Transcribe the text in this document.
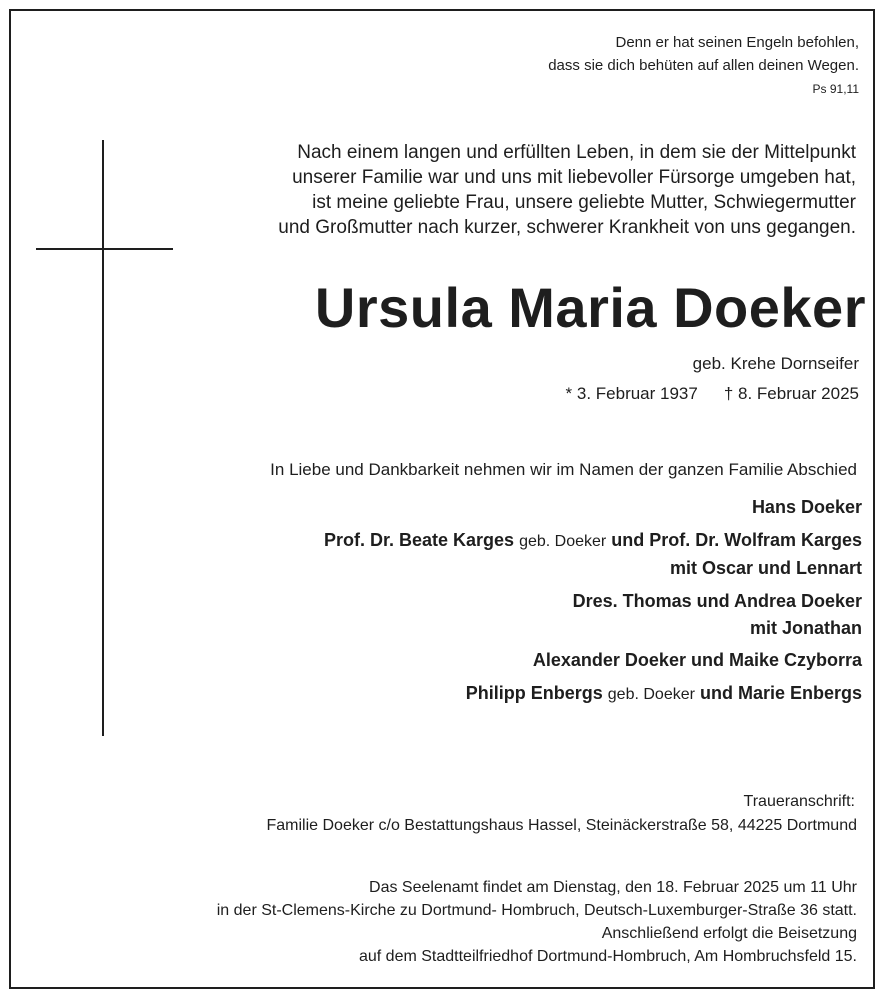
Denn er hat seinen Engeln befohlen,
dass sie dich behüten auf allen deinen Wegen.
Ps 91,11
Nach einem langen und erfüllten Leben, in dem sie der Mittelpunkt
unserer Familie war und uns mit liebevoller Fürsorge umgeben hat,
ist meine geliebte Frau, unsere geliebte Mutter, Schwiegermutter
und Großmutter nach kurzer, schwerer Krankheit von uns gegangen.
Ursula Maria Doeker
geb. Krehe Dornseifer
* 3. Februar 1937 † 8. Februar 2025
In Liebe und Dankbarkeit nehmen wir im Namen der ganzen Familie Abschied
Hans Doeker
Prof. Dr. Beate Karges geb. Doeker und Prof. Dr. Wolfram Karges
mit Oscar und Lennart
Dres. Thomas und Andrea Doeker
mit Jonathan
Alexander Doeker und Maike Czyborra
Philipp Enbergs geb. Doeker und Marie Enbergs
Traueranschrift:
Familie Doeker c/o Bestattungshaus Hassel, Steinäckerstraße 58, 44225 Dortmund
Das Seelenamt findet am Dienstag, den 18. Februar 2025 um 11 Uhr
in der St-Clemens-Kirche zu Dortmund- Hombruch, Deutsch-Luxemburger-Straße 36 statt.
Anschließend erfolgt die Beisetzung
auf dem Stadtteilfriedhof Dortmund-Hombruch, Am Hombruchsfeld 15.
